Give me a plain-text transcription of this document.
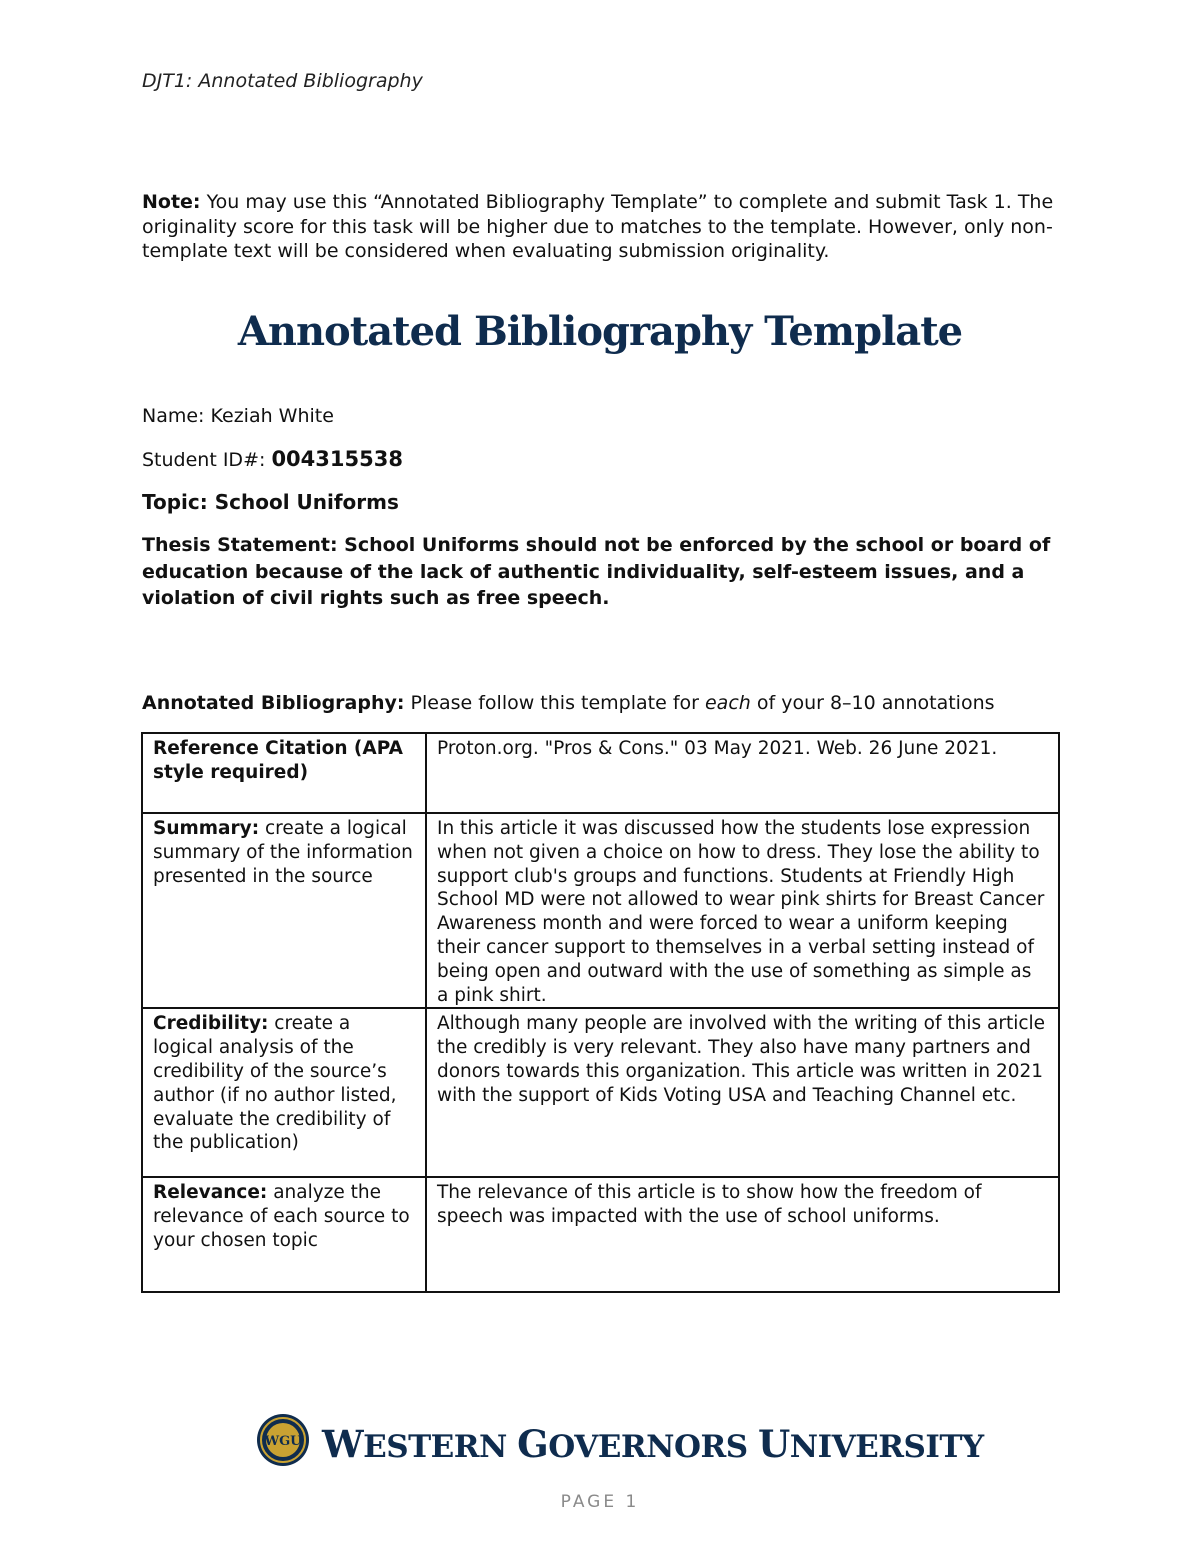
DJT1: Annotated Bibliography
Note: You may use this “Annotated Bibliography Template” to complete and submit Task 1. The originality score for this task will be higher due to matches to the template. However, only non-template text will be considered when evaluating submission originality.
Annotated Bibliography Template
Name: Keziah White
Student ID#: 004315538
Topic: School Uniforms
Thesis Statement: School Uniforms should not be enforced by the school or board of education because of the lack of authentic individuality, self-esteem issues, and a violation of civil rights such as free speech.
Annotated Bibliography: Please follow this template for each of your 8–10 annotations
Reference Citation (APA style required)	Proton.org. "Pros & Cons." 03 May 2021. Web. 26 June 2021.
Summary: create a logical summary of the information presented in the source	In this article it was discussed how the students lose expression when not given a choice on how to dress. They lose the ability to support club's groups and functions. Students at Friendly High School MD were not allowed to wear pink shirts for Breast Cancer Awareness month and were forced to wear a uniform keeping their cancer support to themselves in a verbal setting instead of being open and outward with the use of something as simple as a pink shirt.
Credibility: create a logical analysis of the credibility of the source’s author (if no author listed, evaluate the credibility of the publication)	Although many people are involved with the writing of this article the credibly is very relevant. They also have many partners and donors towards this organization. This article was written in 2021 with the support of Kids Voting USA and Teaching Channel etc.
Relevance: analyze the relevance of each source to your chosen topic	The relevance of this article is to show how the freedom of speech was impacted with the use of school uniforms.
WGU WESTERN GOVERNORS UNIVERSITY
PAGE 1
